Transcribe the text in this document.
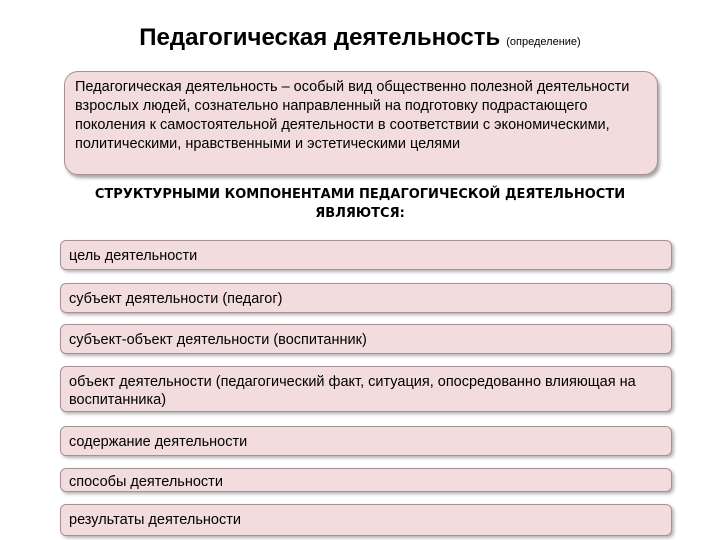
Педагогическая деятельность (определение)
Педагогическая деятельность – особый вид общественно полезной деятельности взрослых людей, сознательно направленный на подготовку подрастающего поколения к самостоятельной деятельности в соответствии с экономическими, политическими, нравственными и эстетическими целями
СТРУКТУРНЫМИ КОМПОНЕНТАМИ ПЕДАГОГИЧЕСКОЙ ДЕЯТЕЛЬНОСТИ ЯВЛЯЮТСЯ:
цель деятельности
субъект деятельности (педагог)
субъект-объект деятельности (воспитанник)
объект деятельности (педагогический факт, ситуация, опосредованно влияющая на воспитанника)
содержание деятельности
способы деятельности
результаты деятельности
